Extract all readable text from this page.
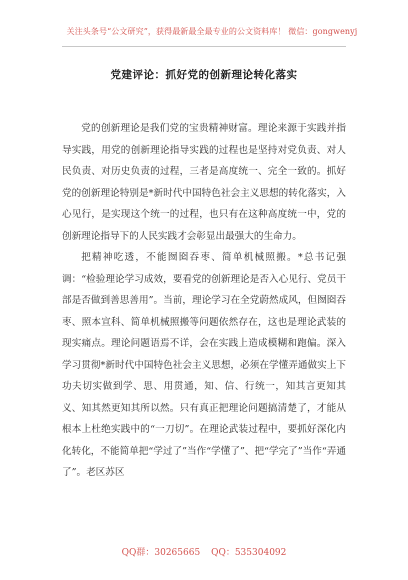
关注头条号“公文研究”，获得最新最全最专业的公文资料库！ 微信：gongwenyj
党建评论：抓好党的创新理论转化落实

党的创新理论是我们党的宝贵精神财富。理论来源于实践并指导实践，用党的创新理论指导实践的过程也是坚持对党负责、对人民负责、对历史负责的过程，三者是高度统一、完全一致的。抓好党的创新理论特别是*新时代中国特色社会主义思想的转化落实，入心见行，是实现这个统一的过程，也只有在这种高度统一中，党的创新理论指导下的人民实践才会彰显出最强大的生命力。

把精神吃透，不能囫囵吞枣、简单机械照搬。*总书记强调：“检验理论学习成效，要看党的创新理论是否入心见行、党员干部是否做到善思善用”。当前，理论学习在全党蔚然成风，但囫囵吞枣、照本宣科、简单机械照搬等问题依然存在，这也是理论武装的现实痛点。理论问题语焉不详，会在实践上造成模糊和跑偏。深入学习贯彻*新时代中国特色社会主义思想，必须在学懂弄通做实上下功夫切实做到学、思、用贯通，知、信、行统一，知其言更知其义、知其然更知其所以然。只有真正把理论问题搞清楚了，才能从根本上杜绝实践中的“一刀切”。在理论武装过程中，要抓好深化内化转化，不能简单把“学过了”当作“学懂了”、把“学完了”当作“弄通了”。老区苏区

QQ群：30265665 QQ：535304092
